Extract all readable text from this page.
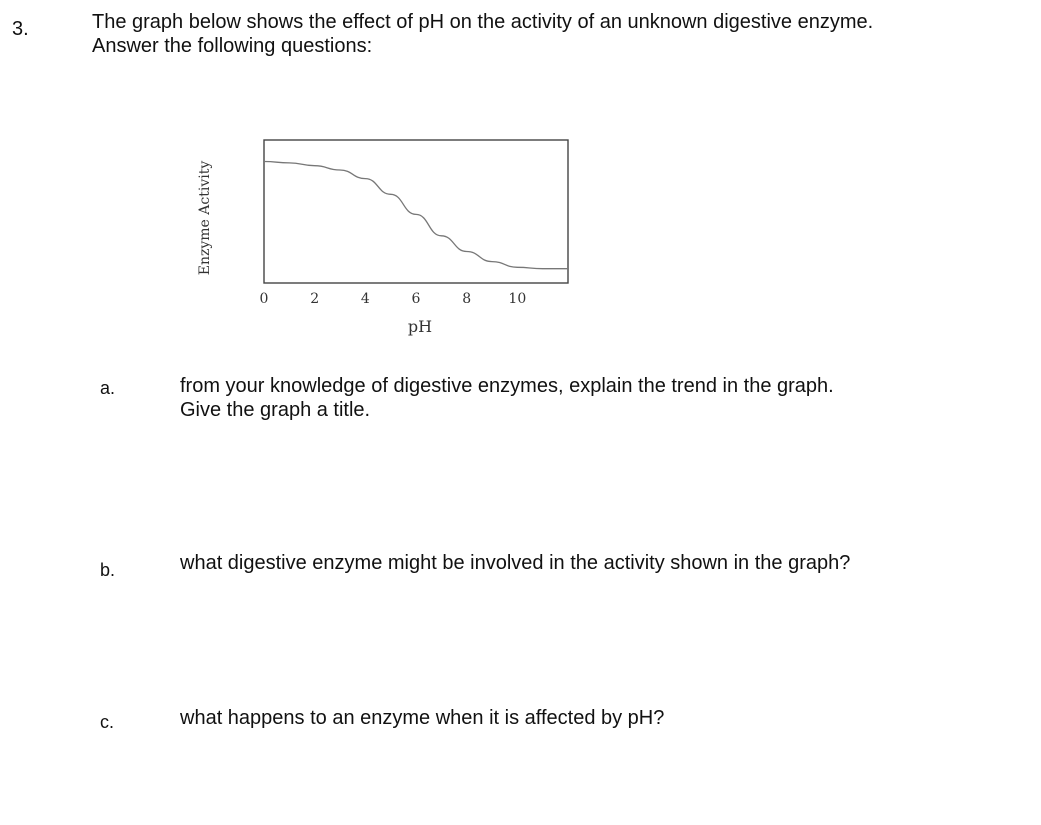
3.	The graph below shows the effect of pH on the activity of an unknown digestive enzyme.
Answer the following questions:
0	2	4	6	8	10
pH
Enzyme Activity
a.	from your knowledge of digestive enzymes, explain the trend in the graph.
Give the graph a title.
b.	what digestive enzyme might be involved in the activity shown in the graph?
c.	what happens to an enzyme when it is affected by pH?
